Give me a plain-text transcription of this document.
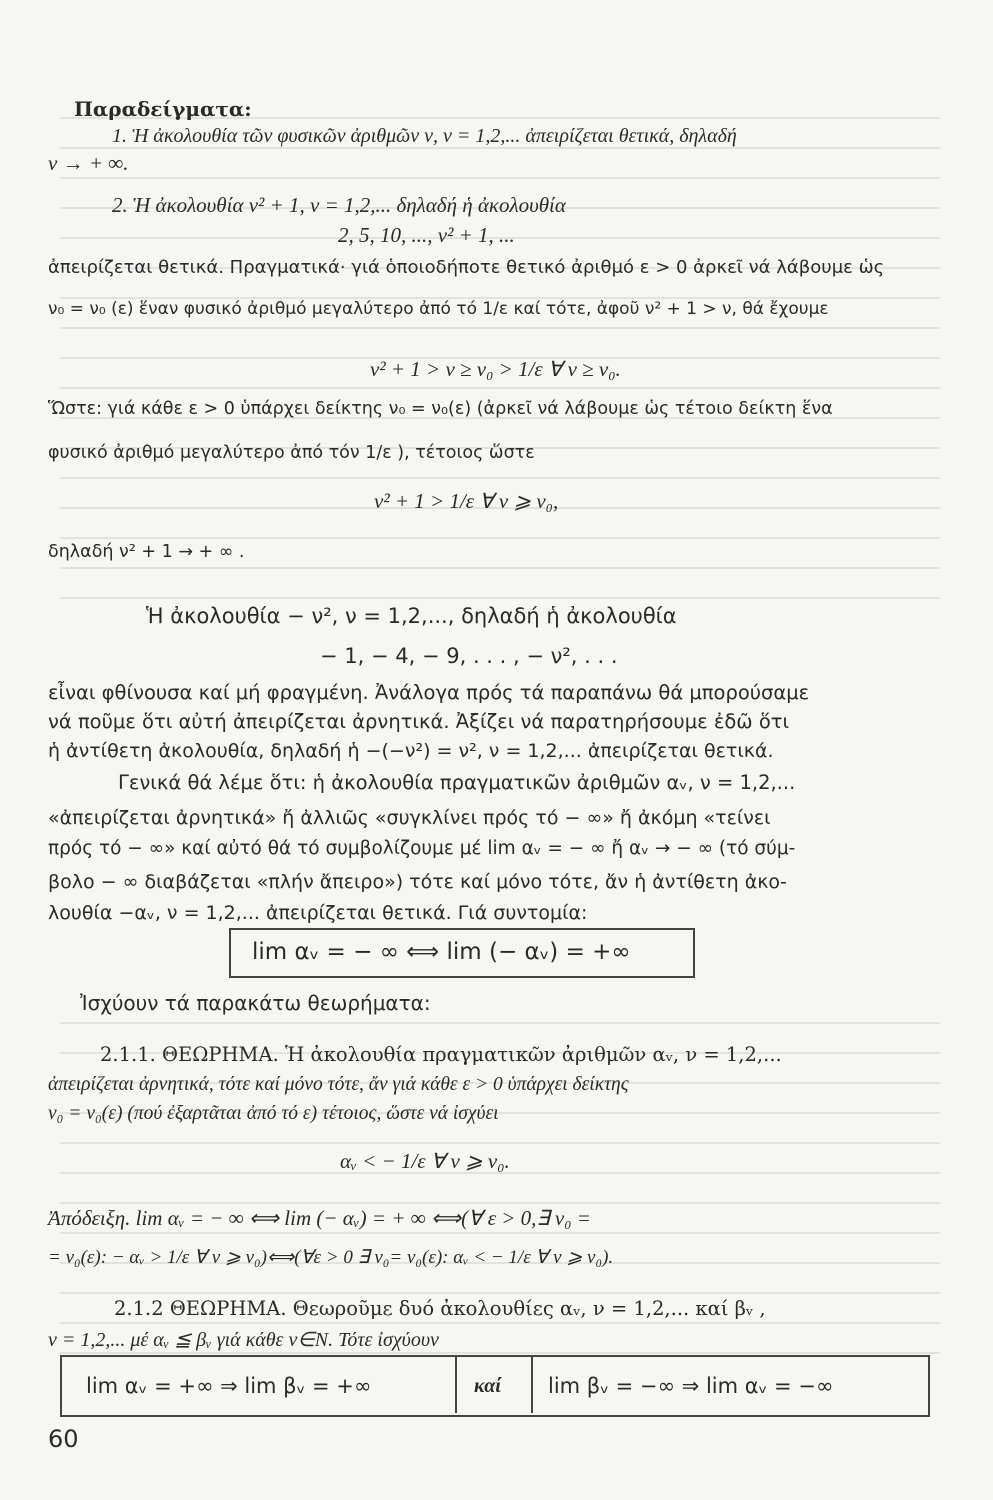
Παραδείγματα:
1. Ἡ ἀκολουθία τῶν φυσικῶν ἀριθμῶν ν, ν = 1,2,... ἀπειρίζεται θετικά, δηλαδή
ν → + ∞.
2. Ἡ ἀκολουθία ν² + 1, ν = 1,2,... δηλαδή ἡ ἀκολουθία
2, 5, 10, ..., ν² + 1, ...
ἀπειρίζεται θετικά. Πραγματικά· γιά ὁποιοδήποτε θετικό ἀριθμό ε > 0 ἀρκεῖ νά λάβουμε ὡς
ν₀ = ν₀ (ε) ἕναν φυσικό ἀριθμό μεγαλύτερο ἀπό τό 1/ε καί τότε, ἀφοῦ ν² + 1 > ν, θά ἔχουμε
ν² + 1 > ν ≥ ν₀ > 1/ε ∀ ν ≥ ν₀.
Ὥστε: γιά κάθε ε > 0 ὑπάρχει δείκτης ν₀ = ν₀(ε) (ἀρκεῖ νά λάβουμε ὡς τέτοιο δείκτη ἕνα
φυσικό ἀριθμό μεγαλύτερο ἀπό τόν 1/ε ), τέτοιος ὥστε
ν² + 1 > 1/ε ∀ ν ⩾ ν₀,
δηλαδή ν² + 1 → + ∞ .
Ἡ ἀκολουθία − ν², ν = 1,2,..., δηλαδή ἡ ἀκολουθία
− 1, − 4, − 9, . . . , − ν², . . .
εἶναι φθίνουσα καί μή φραγμένη. Ἀνάλογα πρός τά παραπάνω θά μπορούσαμε
νά ποῦμε ὅτι αὐτή ἀπειρίζεται ἀρνητικά. Ἀξίζει νά παρατηρήσουμε ἐδῶ ὅτι
ἡ ἀντίθετη ἀκολουθία, δηλαδή ἡ −(−ν²) = ν², ν = 1,2,... ἀπειρίζεται θετικά.
Γενικά θά λέμε ὅτι: ἡ ἀκολουθία πραγματικῶν ἀριθμῶν αᵥ, ν = 1,2,...
«ἀπειρίζεται ἀρνητικά» ἤ ἀλλιῶς «συγκλίνει πρός τό − ∞» ἤ ἀκόμη «τείνει
πρός τό − ∞» καί αὐτό θά τό συμβολίζουμε μέ lim αᵥ = − ∞ ἤ αᵥ → − ∞ (τό σύμ-
βολο − ∞ διαβάζεται «πλήν ἄπειρο») τότε καί μόνο τότε, ἄν ἡ ἀντίθετη ἀκο-
λουθία −αᵥ, ν = 1,2,... ἀπειρίζεται θετικά. Γιά συντομία:
lim αᵥ = − ∞ ⟺ lim (− αᵥ) = +∞
Ἰσχύουν τά παρακάτω θεωρήματα:
2.1.1. ΘΕΩΡΗΜΑ. Ἡ ἀκολουθία πραγματικῶν ἀριθμῶν αᵥ, ν = 1,2,...
ἀπειρίζεται ἀρνητικά, τότε καί μόνο τότε, ἄν γιά κάθε ε > 0 ὑπάρχει δείκτης
ν₀ = ν₀(ε) (πού ἐξαρτᾶται ἀπό τό ε) τέτοιος, ὥστε νά ἰσχύει
αᵥ < − 1/ε ∀ ν ⩾ ν₀.
Ἀπόδειξη. lim αᵥ = − ∞ ⟺ lim (− αᵥ) = + ∞ ⟺(∀ ε > 0,∃ ν₀ =
= ν₀(ε): − αᵥ > 1/ε ∀ ν ⩾ ν₀)⟺(∀ε > 0 ∃ ν₀= ν₀(ε): αᵥ < − 1/ε ∀ ν ⩾ ν₀).
2.1.2 ΘΕΩΡΗΜΑ. Θεωροῦμε δυό ἀκολουθίες αᵥ, ν = 1,2,... καί βᵥ ,
ν = 1,2,... μέ αᵥ ≦ βᵥ γιά κάθε ν∈N. Τότε ἰσχύουν
lim αᵥ = +∞ ⇒ lim βᵥ = +∞	καί lim βᵥ = −∞ ⇒ lim αᵥ = −∞
60
